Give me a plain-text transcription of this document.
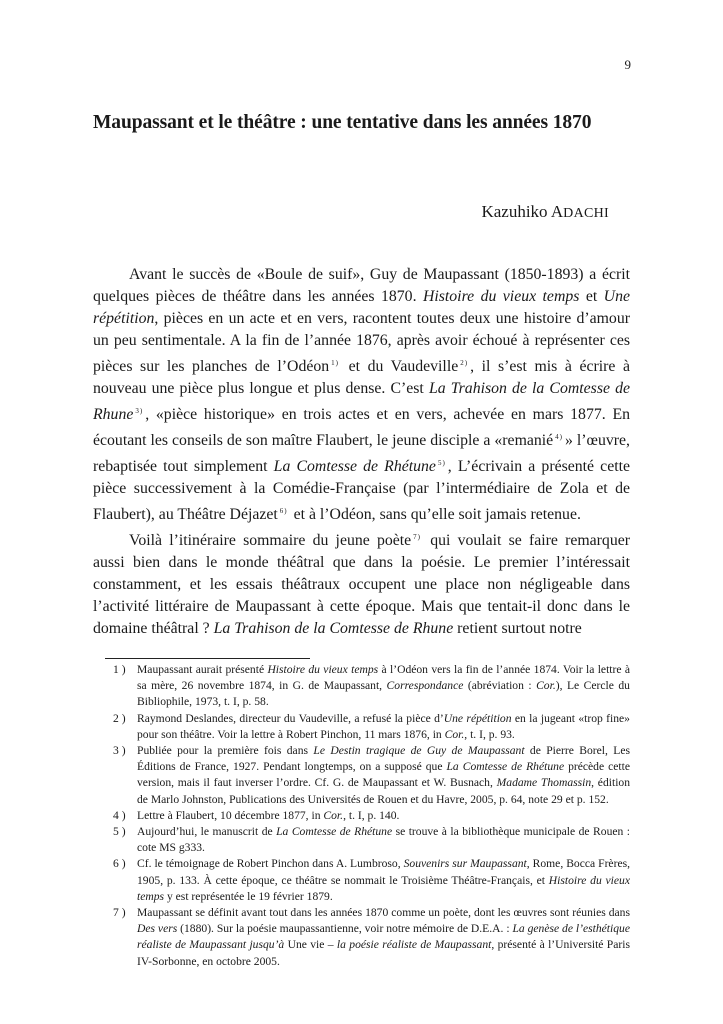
9
Maupassant et le théâtre : une tentative dans les années 1870
Kazuhiko ADACHI

Avant le succès de «Boule de suif», Guy de Maupassant (1850-1893) a écrit quelques pièces de théâtre dans les années 1870. Histoire du vieux temps et Une répétition, pièces en un acte et en vers, racontent toutes deux une histoire d’amour un peu sentimentale. A la fin de l’année 1876, après avoir échoué à représenter ces pièces sur les planches de l’Odéon $^{1)}$ et du Vaudeville $^{2)}$ , il s’est mis à écrire à nouveau une pièce plus longue et plus dense. C’est La Trahison de la Comtesse de Rhune $^{3)}$ , «pièce historique» en trois actes et en vers, achevée en mars 1877. En écoutant les conseils de son maître Flaubert, le jeune disciple a «remanié $^{4)}$ » l’œuvre, rebaptisée tout simplement La Comtesse de Rhétune $^{5)}$ , L’écrivain a présenté cette pièce successivement à la Comédie-Française (par l’intermédiaire de Zola et de Flaubert), au Théâtre Déjazet $^{6)}$ et à l’Odéon, sans qu’elle soit jamais retenue.

Voilà l’itinéraire sommaire du jeune poète $^{7)}$ qui voulait se faire remarquer aussi bien dans le monde théâtral que dans la poésie. Le premier l’intéressait constamment, et les essais théâtraux occupent une place non négligeable dans l’activité littéraire de Maupassant à cette époque. Mais que tentait-il donc dans le domaine théâtral ? La Trahison de la Comtesse de Rhune retient surtout notre

1 ) Maupassant aurait présenté Histoire du vieux temps à l’Odéon vers la fin de l’année 1874. Voir la lettre à sa mère, 26 novembre 1874, in G. de Maupassant, Correspondance (abréviation : Cor.), Le Cercle du Bibliophile, 1973, t. I, p. 58.
2 ) Raymond Deslandes, directeur du Vaudeville, a refusé la pièce d’Une répétition en la jugeant «trop fine» pour son théâtre. Voir la lettre à Robert Pinchon, 11 mars 1876, in Cor., t. I, p. 93.
3 ) Publiée pour la première fois dans Le Destin tragique de Guy de Maupassant de Pierre Borel, Les Éditions de France, 1927. Pendant longtemps, on a supposé que La Comtesse de Rhétune précède cette version, mais il faut inverser l’ordre. Cf. G. de Maupassant et W. Busnach, Madame Thomassin, édition de Marlo Johnston, Publications des Universités de Rouen et du Havre, 2005, p. 64, note 29 et p. 152.
4 ) Lettre à Flaubert, 10 décembre 1877, in Cor., t. I, p. 140.
5 ) Aujourd’hui, le manuscrit de La Comtesse de Rhétune se trouve à la bibliothèque municipale de Rouen : cote MS g333.
6 ) Cf. le témoignage de Robert Pinchon dans A. Lumbroso, Souvenirs sur Maupassant, Rome, Bocca Frères, 1905, p. 133. À cette époque, ce théâtre se nommait le Troisième Théâtre-Français, et Histoire du vieux temps y est représentée le 19 février 1879.
7 ) Maupassant se définit avant tout dans les années 1870 comme un poète, dont les œuvres sont réunies dans Des vers (1880). Sur la poésie maupassantienne, voir notre mémoire de D.E.A. : La genèse de l’esthétique réaliste de Maupassant jusqu’à Une vie – la poésie réaliste de Maupassant, présenté à l’Université Paris IV-Sorbonne, en octobre 2005.
